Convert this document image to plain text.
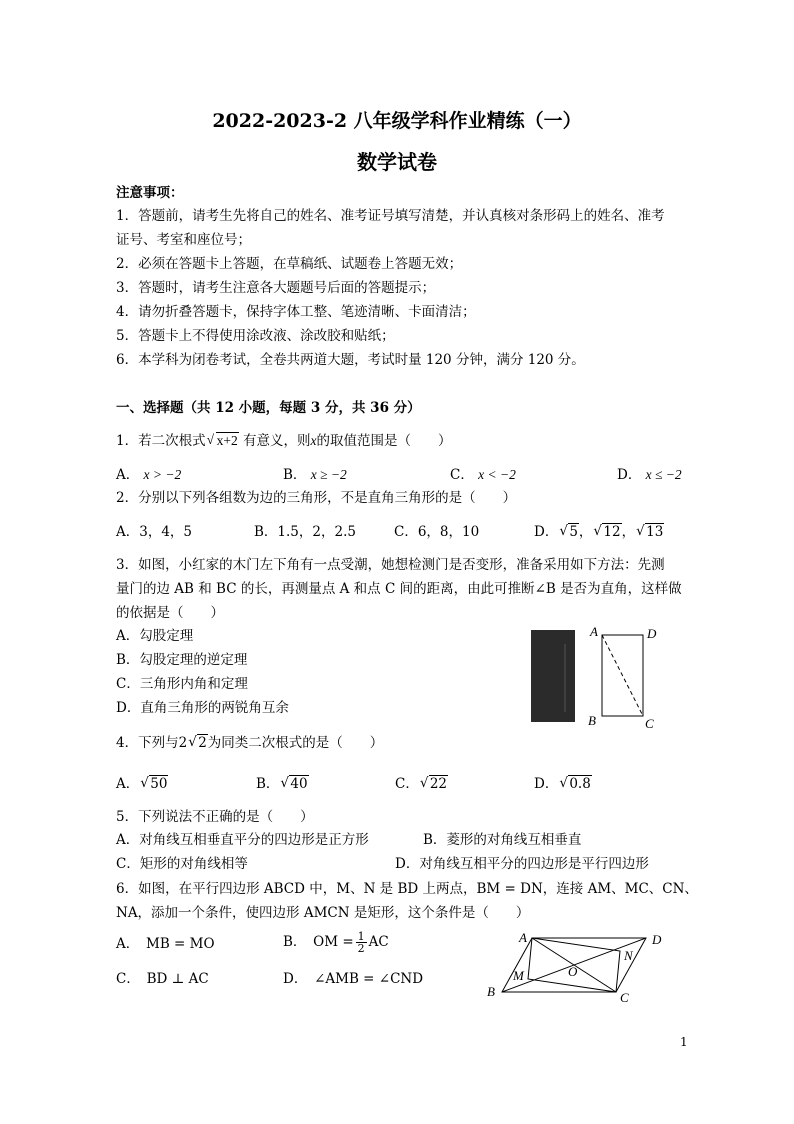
2022-2023-2 八年级学科作业精练（一）
数学试卷
注意事项：
1．答题前，请考生先将自己的姓名、准考证号填写清楚，并认真核对条形码上的姓名、准考
证号、考室和座位号；
2．必须在答题卡上答题，在草稿纸、试题卷上答题无效；
3．答题时，请考生注意各大题题号后面的答题提示；
4．请勿折叠答题卡，保持字体工整、笔迹清晰、卡面清洁；
5．答题卡上不得使用涂改液、涂改胶和贴纸；
6．本学科为闭卷考试，全卷共两道大题，考试时量 120 分钟，满分 120 分。
一、选择题（共 12 小题，每题 3 分，共 36 分）
1．若二次根式 √ x+2 有意义，则x的取值范围是（　　）
A． x > −2	B． x ≥ −2	C． x < −2	D． x ≤ −2
2．分别以下列各组数为边的三角形，不是直角三角形的是（　　）
A．3，4，5	B．1.5，2，2.5	C．6，8，10	D． √ 5， √ 12， √ 13
3．如图，小红家的木门左下角有一点受潮，她想检测门是否变形，准备采用如下方法：先测
量门的边 AB 和 BC 的长，再测量点 A 和点 C 间的距离，由此可推断∠B 是否为直角，这样做
的依据是（　　）
A．勾股定理
B．勾股定理的逆定理
C．三角形内角和定理
D．直角三角形的两锐角互余
A	D
B	C
4．下列与2 √ 2为同类二次根式的是（　　）
A． √ 50	B． √ 40	C． √ 22	D． √ 0.8
5．下列说法不正确的是（　　）
A．对角线互相垂直平分的四边形是正方形	B．菱形的对角线互相垂直
C．矩形的对角线相等	D．对角线互相平分的四边形是平行四边形
6．如图，在平行四边形 ABCD 中，M、N 是 BD 上两点，BM = DN，连接 AM、MC、CN、
NA，添加一个条件，使四边形 AMCN 是矩形，这个条件是（　　）
A．　MB = MO	B．　OM = $\frac{1}{2}$ AC
C．　BD ⊥ AC	D．　∠AMB = ∠CND
A	D
N
O
M
B	C
1
